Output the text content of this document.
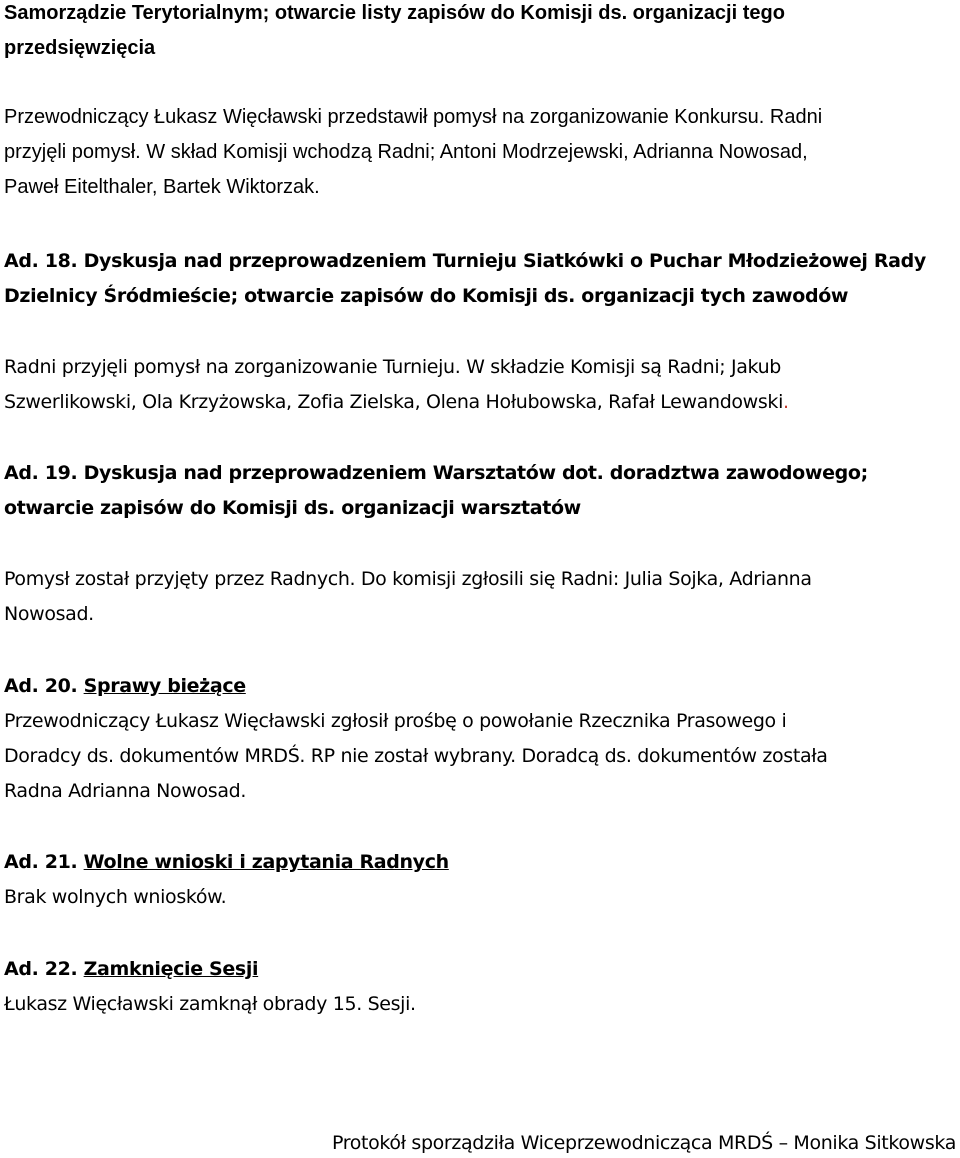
Samorządzie Terytorialnym; otwarcie listy zapisów do Komisji ds. organizacji tego
przedsięwzięcia
Przewodniczący Łukasz Więcławski przedstawił pomysł na zorganizowanie Konkursu. Radni
przyjęli pomysł. W skład Komisji wchodzą Radni; Antoni Modrzejewski, Adrianna Nowosad,
Paweł Eitelthaler, Bartek Wiktorzak.
Ad. 18. Dyskusja nad przeprowadzeniem Turnieju Siatkówki o Puchar Młodzieżowej Rady
Dzielnicy Śródmieście; otwarcie zapisów do Komisji ds. organizacji tych zawodów
Radni przyjęli pomysł na zorganizowanie Turnieju. W składzie Komisji są Radni; Jakub
Szwerlikowski, Ola Krzyżowska, Zofia Zielska, Olena Hołubowska, Rafał Lewandowski.
Ad. 19. Dyskusja nad przeprowadzeniem Warsztatów dot. doradztwa zawodowego;
otwarcie zapisów do Komisji ds. organizacji warsztatów
Pomysł został przyjęty przez Radnych. Do komisji zgłosili się Radni: Julia Sojka, Adrianna
Nowosad.
Ad. 20. Sprawy bieżące
Przewodniczący Łukasz Więcławski zgłosił prośbę o powołanie Rzecznika Prasowego i
Doradcy ds. dokumentów MRDŚ. RP nie został wybrany. Doradcą ds. dokumentów została
Radna Adrianna Nowosad.
Ad. 21. Wolne wnioski i zapytania Radnych
Brak wolnych wniosków.
Ad. 22. Zamknięcie Sesji
Łukasz Więcławski zamknął obrady 15. Sesji.
Protokół sporządziła Wiceprzewodnicząca MRDŚ – Monika Sitkowska
